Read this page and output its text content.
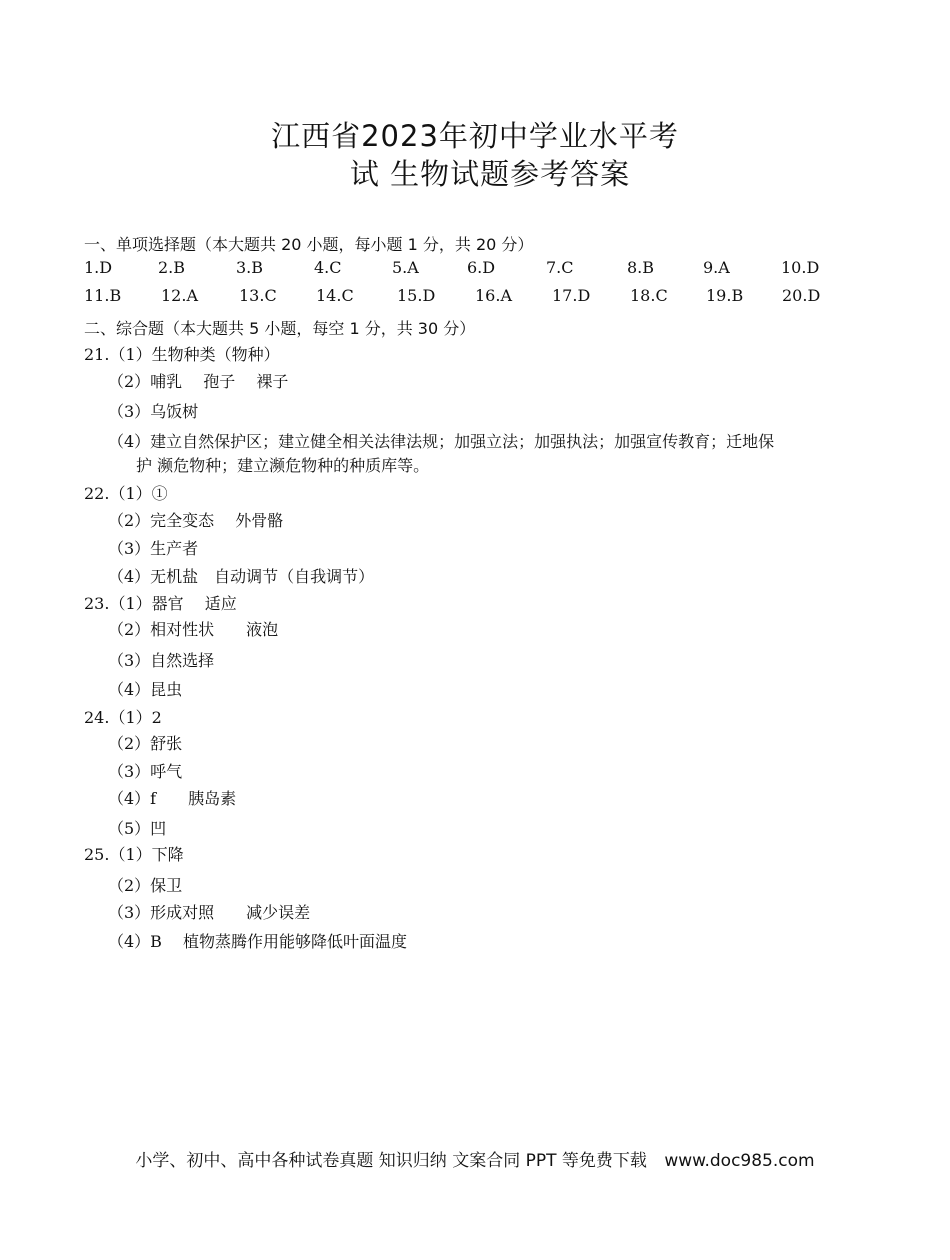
江西省2023年初中学业水平考
试 生物试题参考答案
一、单项选择题（本大题共 20 小题，每小题 1 分，共 20 分）
1.D	2.B	3.B	4.C	5.A	6.D	7.C	8.B	9.A	10.D
11.B 12.A	13.C 14.C	15.D 16.A	17.D 18.C 19.B 20.D
二、综合题（本大题共 5 小题，每空 1 分，共 30 分）
21.（1）生物种类（物种）
（2）哺乳　 孢子　 裸子
（3）乌饭树
（4）建立自然保护区；建立健全相关法律法规；加强立法；加强执法；加强宣传教育；迁地保
护 濒危物种；建立濒危物种的种质库等。
22.（1）①
（2）完全变态　 外骨骼
（3）生产者
（4）无机盐　自动调节（自我调节）
23.（1）器官　 适应
（2）相对性状　　液泡
（3）自然选择
（4）昆虫
24.（1）2
（2）舒张
（3）呼气
（4）f　　胰岛素
（5）凹
25.（1）下降
（2）保卫
（3）形成对照　　减少误差
（4）B　 植物蒸腾作用能够降低叶面温度
小学、初中、高中各种试卷真题 知识归纳 文案合同 PPT 等免费下载 www.doc985.com
